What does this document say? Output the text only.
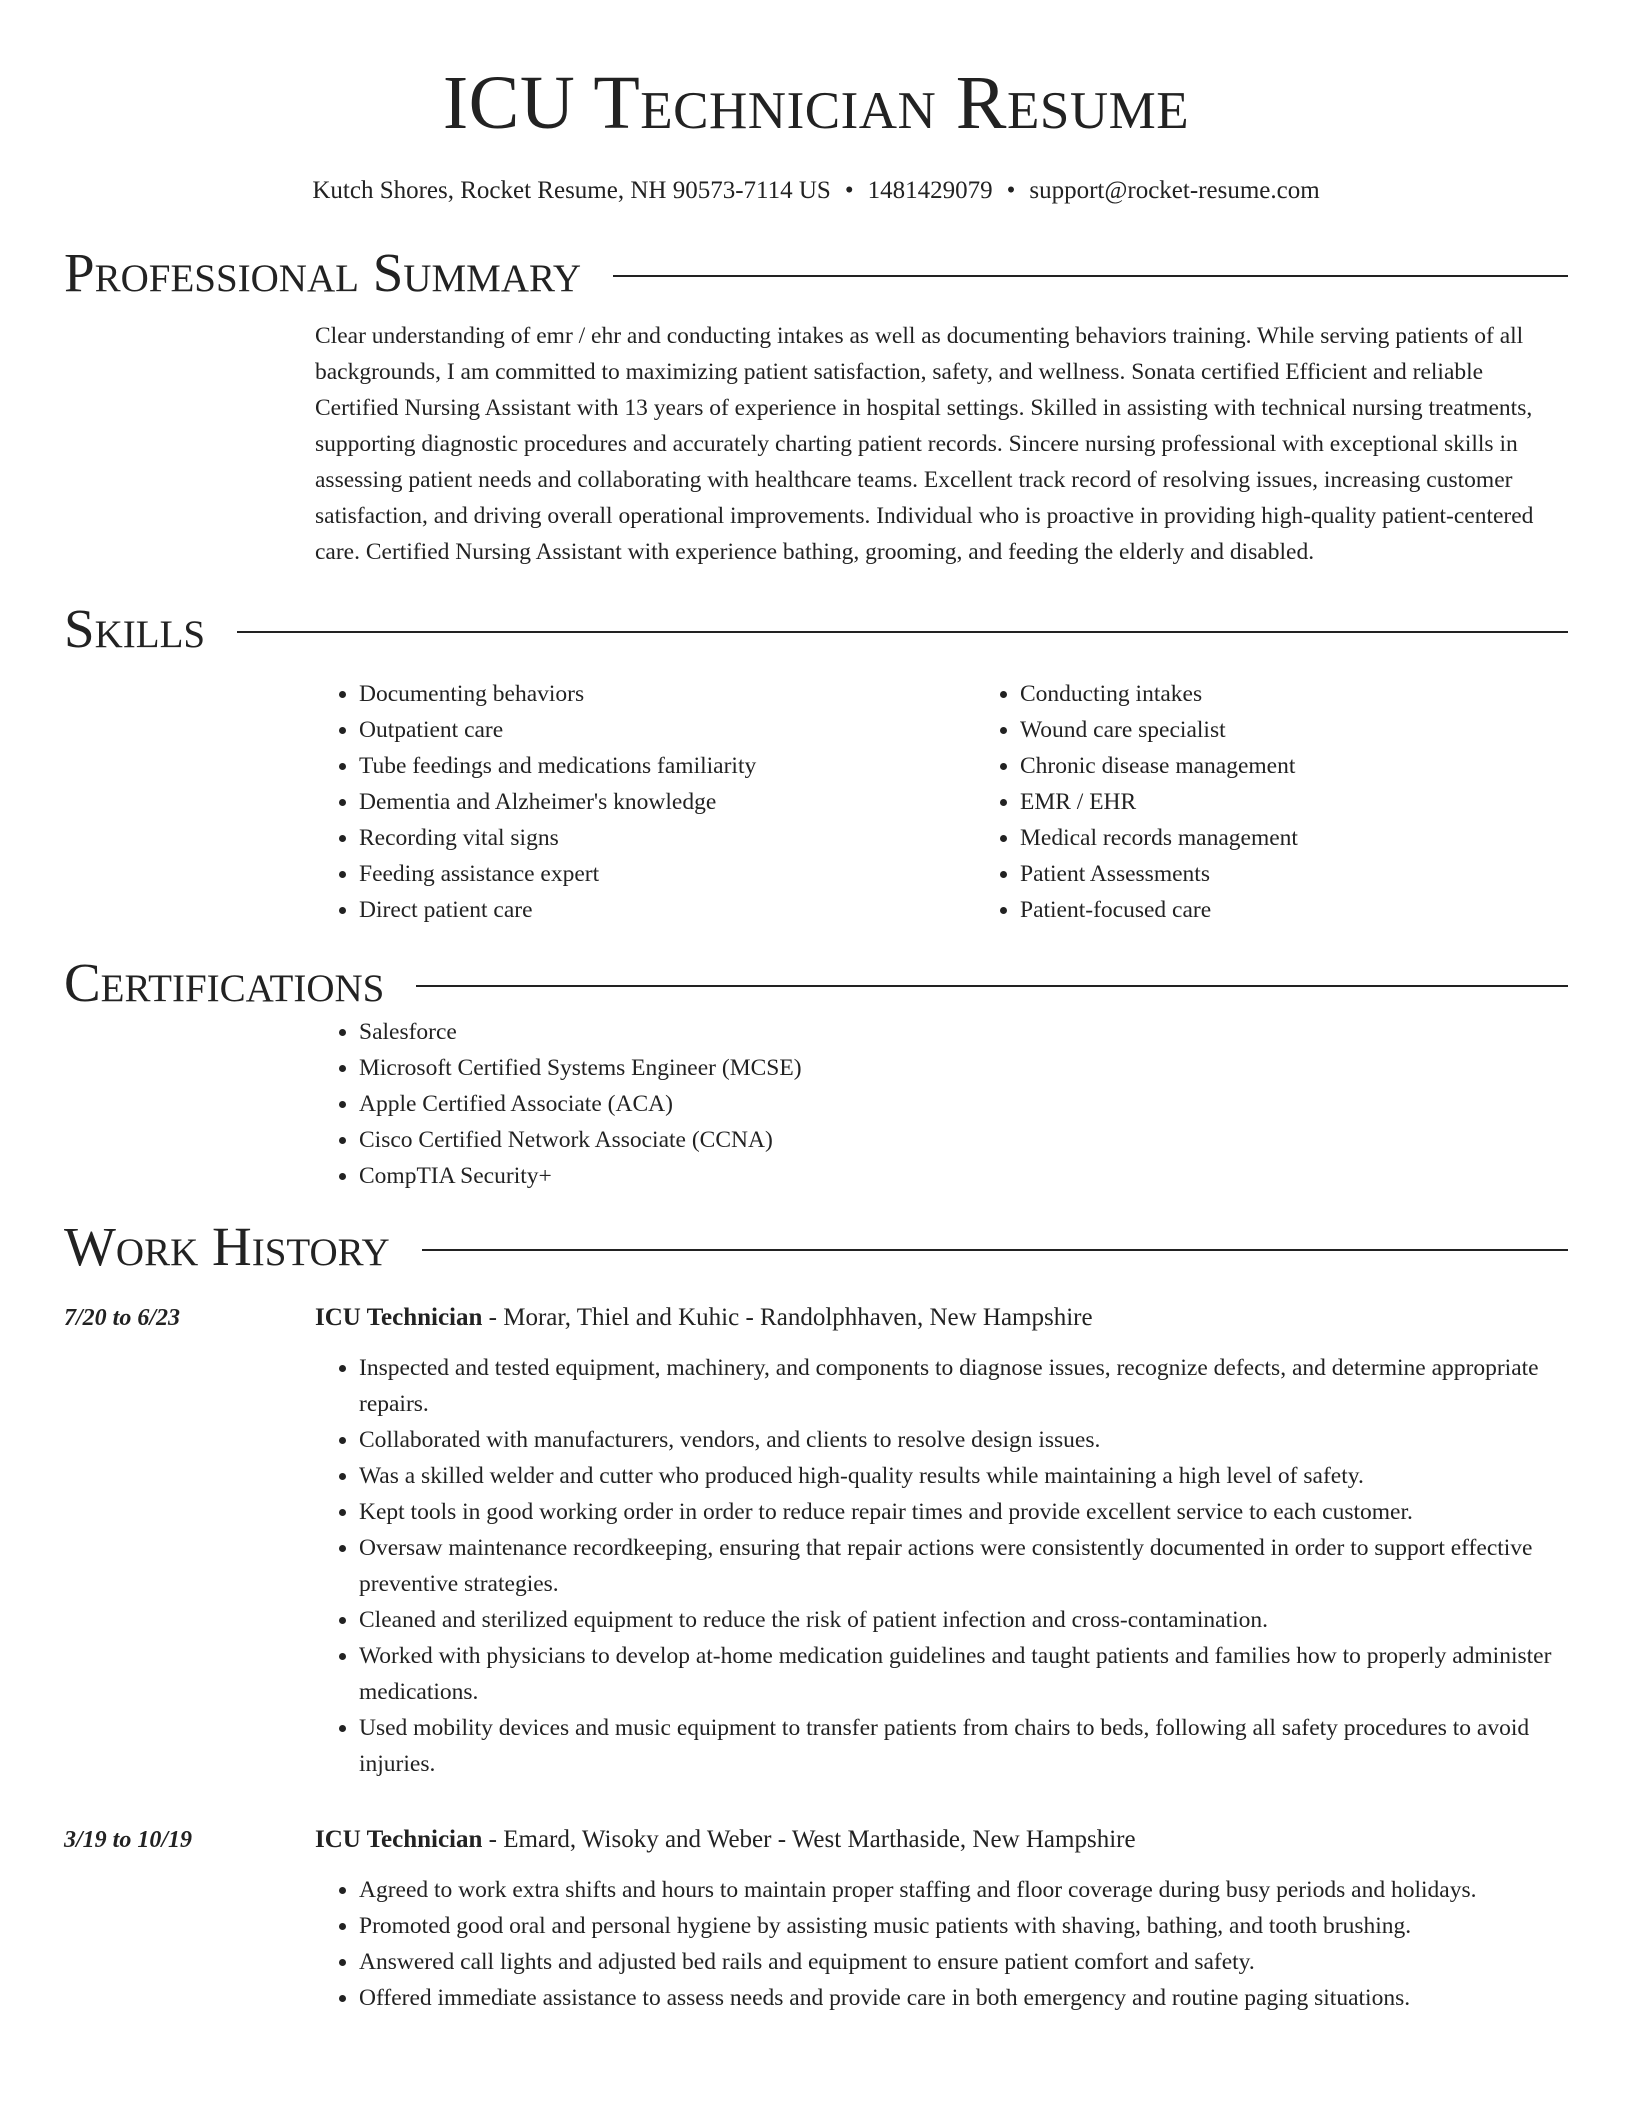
ICU Technician Resume
Kutch Shores, Rocket Resume, NH 90573-7114 US • 1481429079 • support@rocket-resume.com
Professional Summary

Clear understanding of emr / ehr and conducting intakes as well as documenting behaviors training. While serving patients of all backgrounds, I am committed to maximizing patient satisfaction, safety, and wellness. Sonata certified Efficient and reliable Certified Nursing Assistant with 13 years of experience in hospital settings. Skilled in assisting with technical nursing treatments, supporting diagnostic procedures and accurately charting patient records. Sincere nursing professional with exceptional skills in assessing patient needs and collaborating with healthcare teams. Excellent track record of resolving issues, increasing customer satisfaction, and driving overall operational improvements. Individual who is proactive in providing high-quality patient-centered care. Certified Nursing Assistant with experience bathing, grooming, and feeding the elderly and disabled.

Skills
• Documenting behaviors
• Outpatient care
• Tube feedings and medications familiarity
• Dementia and Alzheimer's knowledge
• Recording vital signs
• Feeding assistance expert
• Direct patient care
• Conducting intakes
• Wound care specialist
• Chronic disease management
• EMR / EHR
• Medical records management
• Patient Assessments
• Patient-focused care
Certifications
• Salesforce
• Microsoft Certified Systems Engineer (MCSE)
• Apple Certified Associate (ACA)
• Cisco Certified Network Associate (CCNA)
• CompTIA Security+
Work History
7/20 to 6/23	ICU Technician - Morar, Thiel and Kuhic - Randolphhaven, New Hampshire
• Inspected and tested equipment, machinery, and components to diagnose issues, recognize defects, and determine appropriate repairs.
• Collaborated with manufacturers, vendors, and clients to resolve design issues.
• Was a skilled welder and cutter who produced high-quality results while maintaining a high level of safety.
• Kept tools in good working order in order to reduce repair times and provide excellent service to each customer.
• Oversaw maintenance recordkeeping, ensuring that repair actions were consistently documented in order to support effective preventive strategies.
• Cleaned and sterilized equipment to reduce the risk of patient infection and cross-contamination.
• Worked with physicians to develop at-home medication guidelines and taught patients and families how to properly administer medications.
• Used mobility devices and music equipment to transfer patients from chairs to beds, following all safety procedures to avoid injuries.
3/19 to 10/19	ICU Technician - Emard, Wisoky and Weber - West Marthaside, New Hampshire
• Agreed to work extra shifts and hours to maintain proper staffing and floor coverage during busy periods and holidays.
• Promoted good oral and personal hygiene by assisting music patients with shaving, bathing, and tooth brushing.
• Answered call lights and adjusted bed rails and equipment to ensure patient comfort and safety.
• Offered immediate assistance to assess needs and provide care in both emergency and routine paging situations.
